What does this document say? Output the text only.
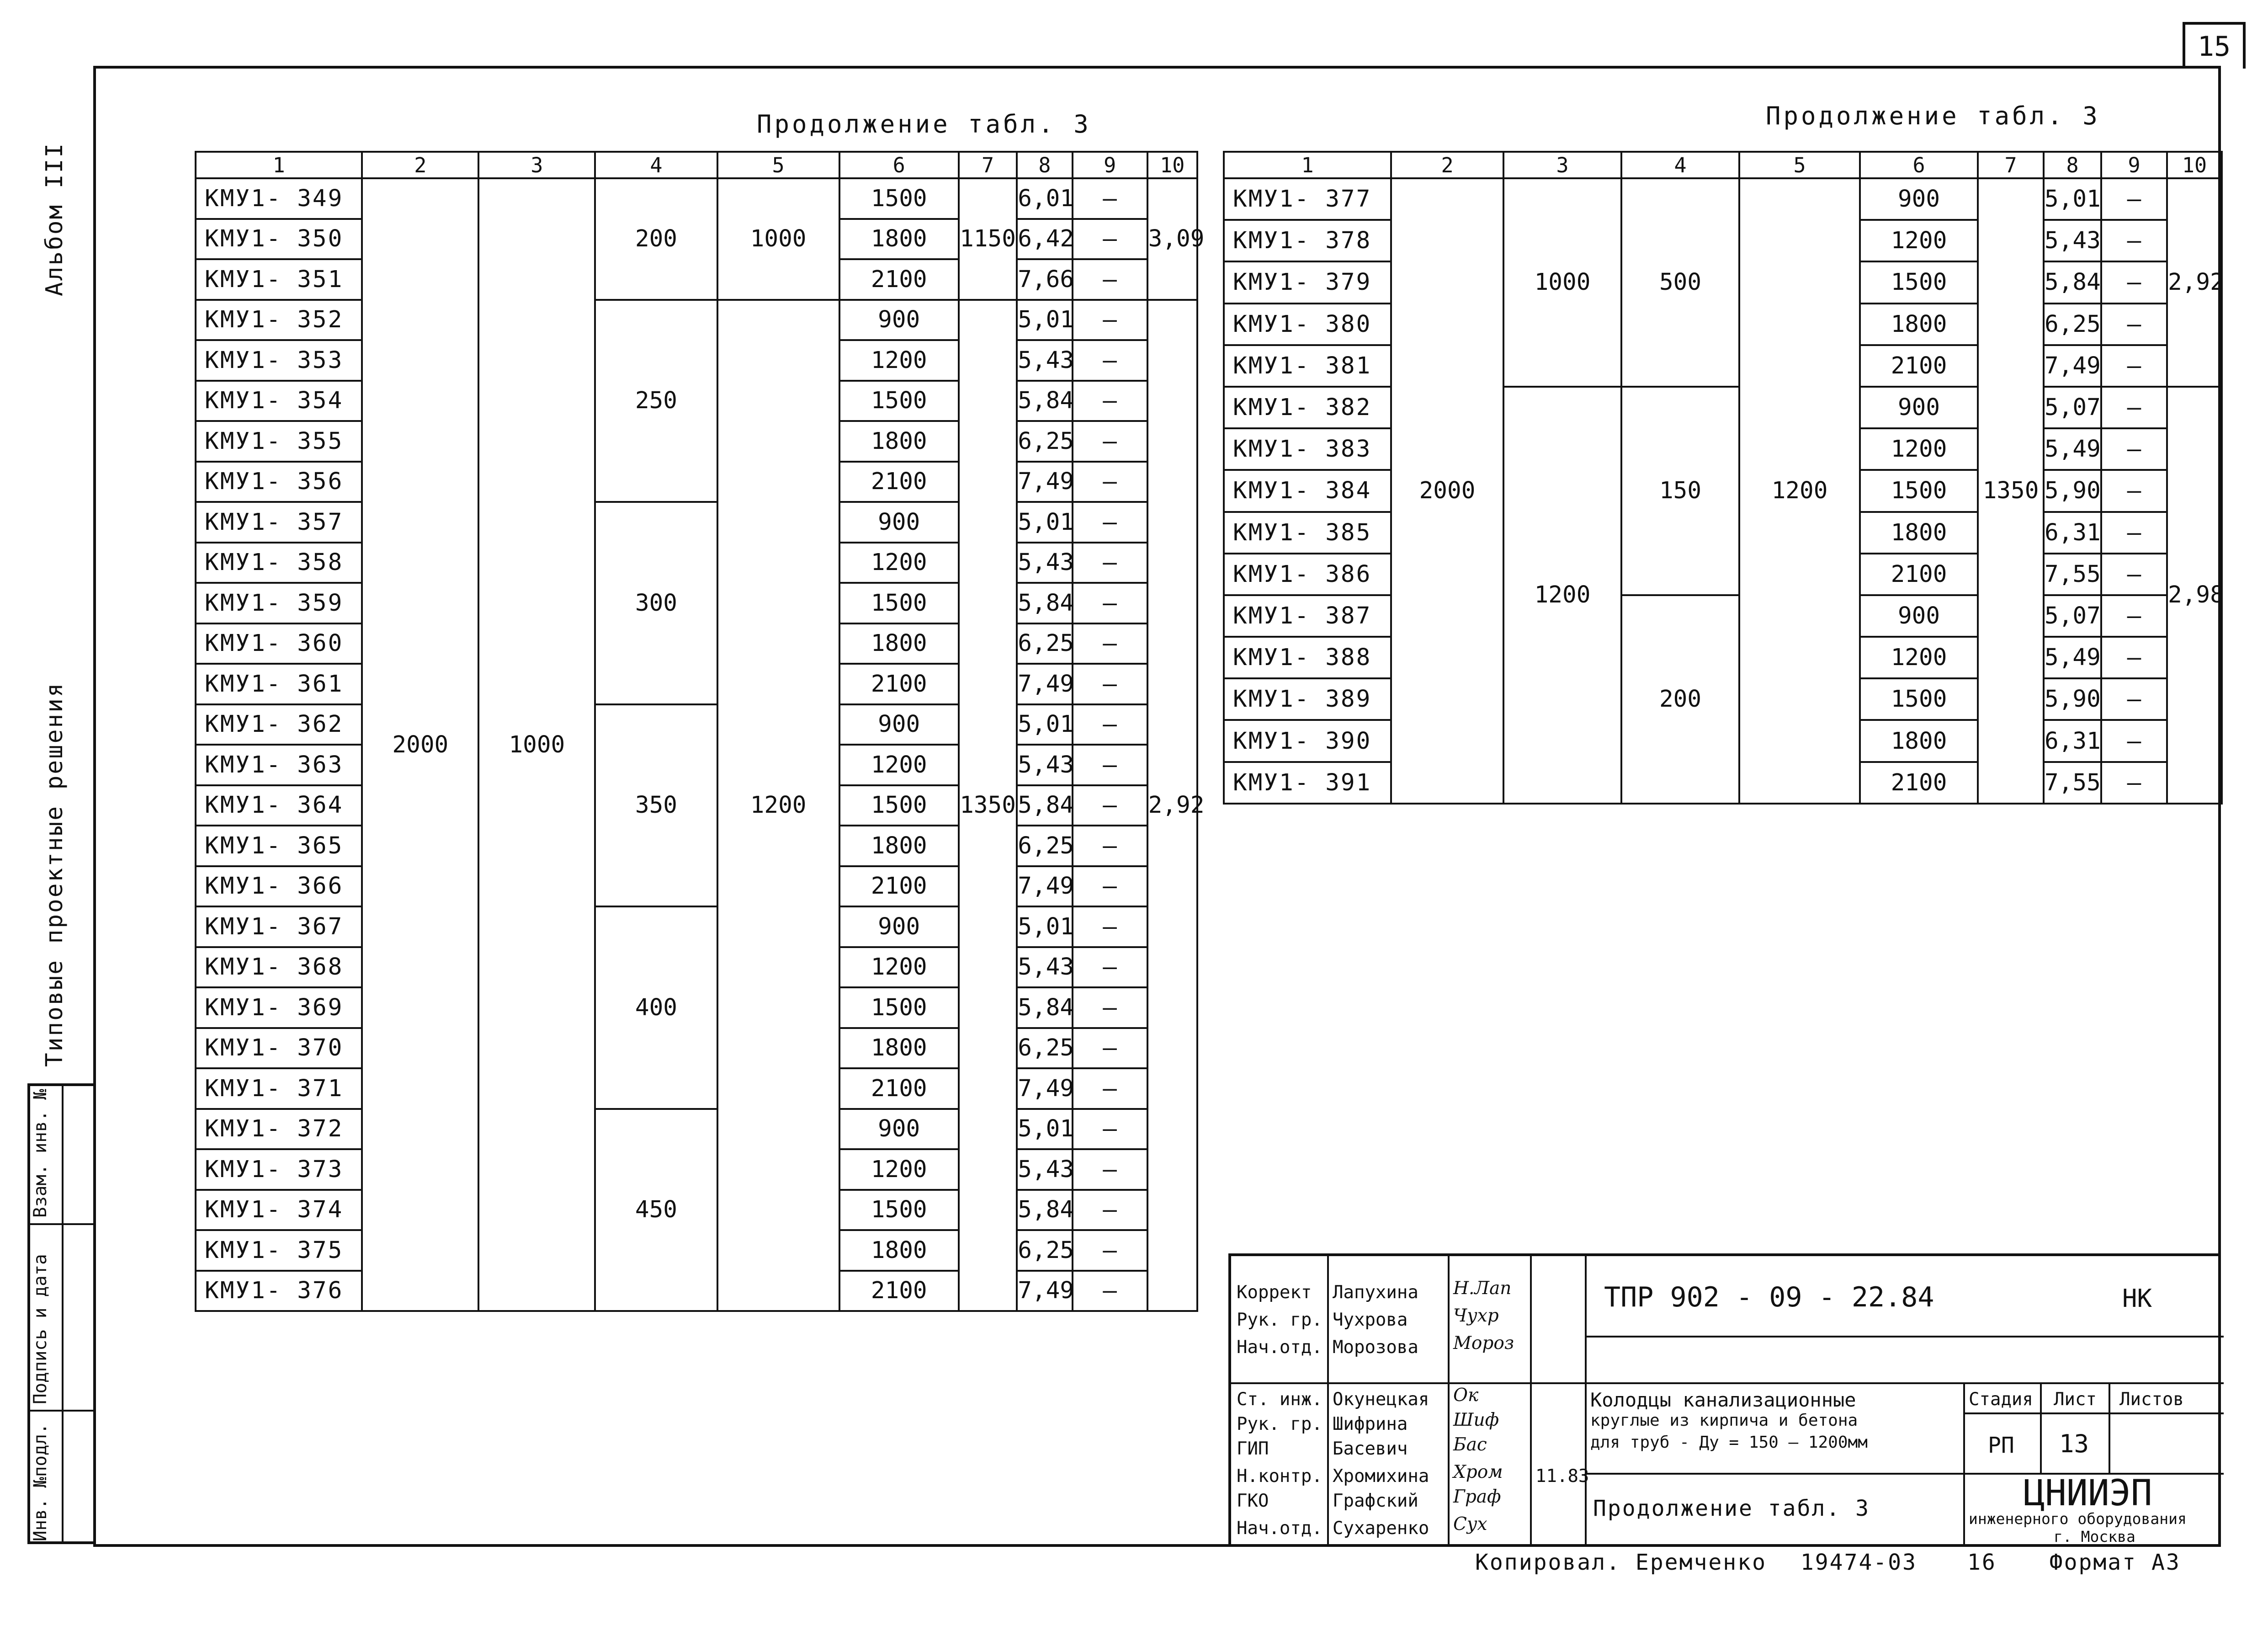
15
Альбом III
Типовые проектные решения
Инв. №подл.
Подпись и дата
Взам. инв. №
Продолжение табл. 3	Продолжение табл. 3
1	2	3	4	5	6	7	8	9	10
КМУ1- 349	2000	1000	200	1000	1500	1150	6,01	—	3,09
КМУ1- 350					1800		6,42	—	
КМУ1- 351					2100		7,66	—	
КМУ1- 352			250	1200	900	1350	5,01	—	2,92
КМУ1- 353					1200		5,43	—	
КМУ1- 354					1500		5,84	—	
КМУ1- 355					1800		6,25	—	
КМУ1- 356					2100		7,49	—	
КМУ1- 357			300		900		5,01	—	
КМУ1- 358					1200		5,43	—	
КМУ1- 359					1500		5,84	—	
КМУ1- 360					1800		6,25	—	
КМУ1- 361					2100		7,49	—	
КМУ1- 362			350		900		5,01	—	
КМУ1- 363					1200		5,43	—	
КМУ1- 364					1500		5,84	—	
КМУ1- 365					1800		6,25	—	
КМУ1- 366					2100		7,49	—	
КМУ1- 367			400		900		5,01	—	
КМУ1- 368					1200		5,43	—	
КМУ1- 369					1500		5,84	—	
КМУ1- 370					1800		6,25	—	
КМУ1- 371					2100		7,49	—	
КМУ1- 372			450		900		5,01	—	
КМУ1- 373					1200		5,43	—	
КМУ1- 374					1500		5,84	—	
КМУ1- 375					1800		6,25	—	
КМУ1- 376					2100		7,49	—	
1	2	3	4	5	6	7	8	9	10
КМУ1- 377	2000	1000	500	1200	900	1350	5,01	—	2,92
КМУ1- 378					1200		5,43	—	
КМУ1- 379					1500		5,84	—	
КМУ1- 380					1800		6,25	—	
КМУ1- 381					2100		7,49	—	
КМУ1- 382		1200	150		900		5,07	—	2,98
КМУ1- 383					1200		5,49	—	
КМУ1- 384					1500		5,90	—	
КМУ1- 385					1800		6,31	—	
КМУ1- 386					2100		7,55	—	
КМУ1- 387			200		900		5,07	—	
КМУ1- 388					1200		5,49	—	
КМУ1- 389					1500		5,90	—	
КМУ1- 390					1800		6,31	—	
КМУ1- 391					2100		7,55	—	
Коррект	Лапухина	Н.Лап
Рук. гр. Чухрова	Чухр
Нач.отд. Морозова	Мороз
Ст. инж. Окунецкая	Ок
Рук. гр. Шифрина	Шиф
ГИП	Басевич	Бас
Н.контр. Хромихина	Хром	11.83
ГКО	Графский	Граф
Нач.отд. Сухаренко	Сух
ТПР 902 - 09 - 22.84	НК
Колодцы канализационные
круглые из кирпича и бетона
для труб - Ду = 150 — 1200мм
Продолжение табл. 3
Стадия	Лист	Листов
РП	13
ЦНИИЭП
инженерного оборудования
г. Москва
Копировал. Еремченко	19474-03	16	Формат А3
